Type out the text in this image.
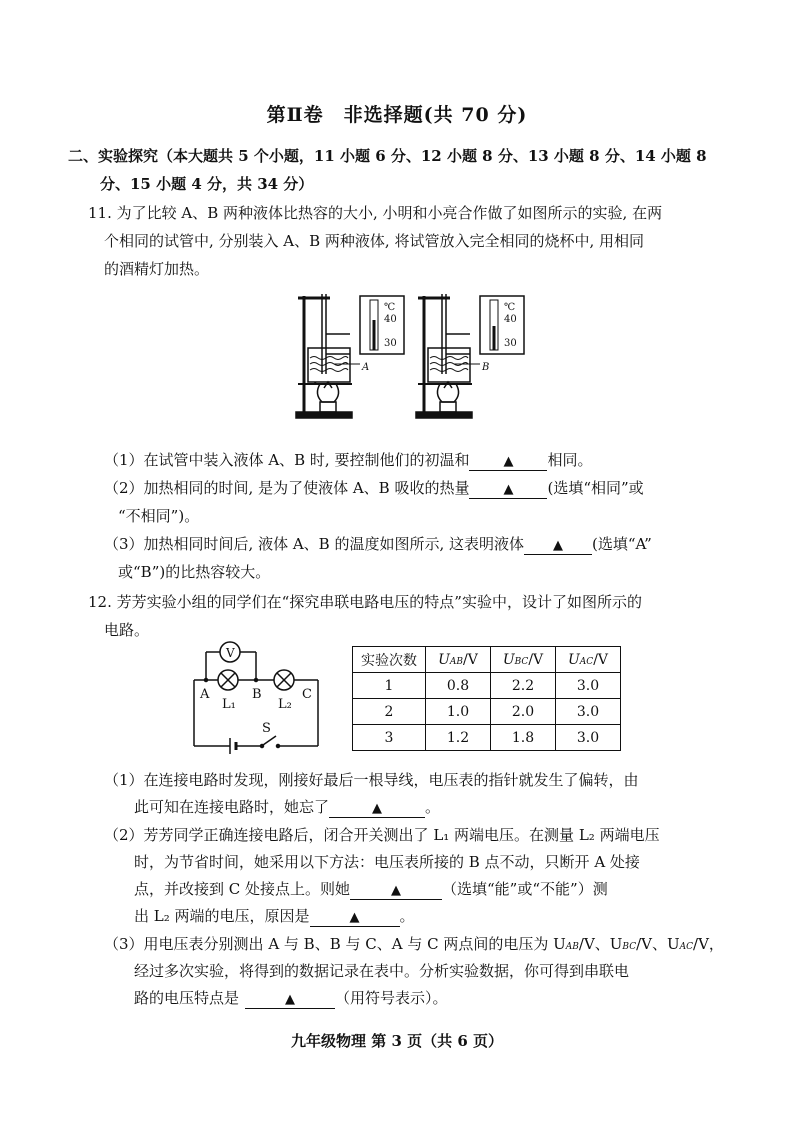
第Ⅱ卷　非选择题(共 70 分)
二、实验探究（本大题共 5 个小题，11 小题 6 分、12 小题 8 分、13 小题 8 分、14 小题 8
分、15 小题 4 分，共 34 分）
11. 为了比较 A、B 两种液体比热容的大小, 小明和小亮合作做了如图所示的实验, 在两
个相同的试管中, 分别装入 A、B 两种液体, 将试管放入完全相同的烧杯中, 用相同
的酒精灯加热。
℃
40
30
A
℃
40
30
B
（1）在试管中装入液体 A、B 时, 要控制他们的初温和	▲ 相同。
（2）加热相同的时间, 是为了使液体 A、B 吸收的热量	▲ (选填“相同”或
“不相同”)。
（3）加热相同时间后, 液体 A、B 的温度如图所示, 这表明液体 ▲ (选填“A”
或“B”)的比热容较大。
12. 芳芳实验小组的同学们在“探究串联电路电压的特点”实验中，设计了如图所示的
电路。
V
A	B	C
L₁	L₂
S
实验次数	UAB/V	UBC/V	UAC/V
1	0.8	2.2	3.0
2	1.0	2.0	3.0
3	1.2	1.8	3.0
（1）在连接电路时发现，刚接好最后一根导线，电压表的指针就发生了偏转，由
此可知在连接电路时，她忘了	▲	。
（2）芳芳同学正确连接电路后，闭合开关测出了 L₁ 两端电压。在测量 L₂ 两端电压
时，为节省时间，她采用以下方法：电压表所接的 B 点不动，只断开 A 处接
点，并改接到 C 处接点上。则她	▲	（选填“能”或“不能”）测
出 L₂ 两端的电压，原因是	▲	。
（3）用电压表分别测出 A 与 B、B 与 C、A 与 C 两点间的电压为 UAB/V、UBC/V、UAC/V，
经过多次实验，将得到的数据记录在表中。分析实验数据，你可得到串联电
路的电压特点是	▲	（用符号表示）。
九年级物理 第 3 页（共 6 页）
